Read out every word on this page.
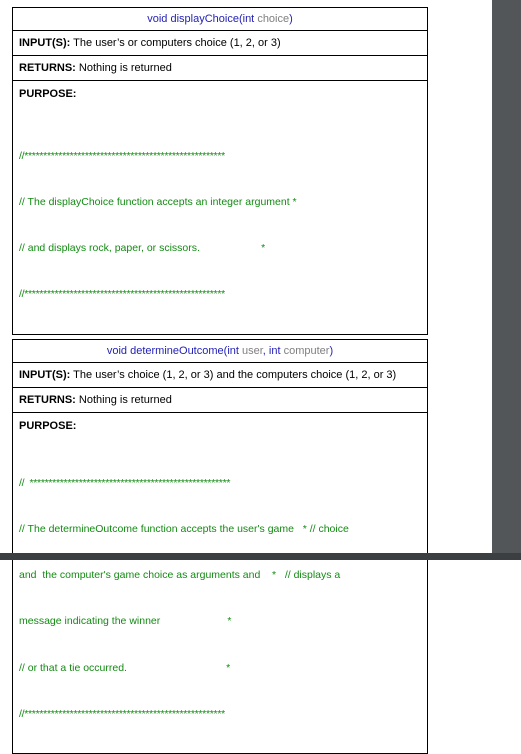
void displayChoice(int choice)
INPUT(S): The user’s or computers choice (1, 2, or 3)
RETURNS: Nothing is returned

PURPOSE:

//*****************************************************

// The displayChoice function accepts an integer argument *

// and displays rock, paper, or scissors.                     *

//*****************************************************

void determineOutcome(int user, int computer)
INPUT(S): The user’s choice (1, 2, or 3) and the computers choice (1, 2, or 3)
RETURNS: Nothing is returned

PURPOSE:

//  *****************************************************

// The determineOutcome function accepts the user's game   * // choice

and  the computer's game choice as arguments and    *   // displays a

message indicating the winner                       *

// or that a tie occurred.                                  *

//*****************************************************
